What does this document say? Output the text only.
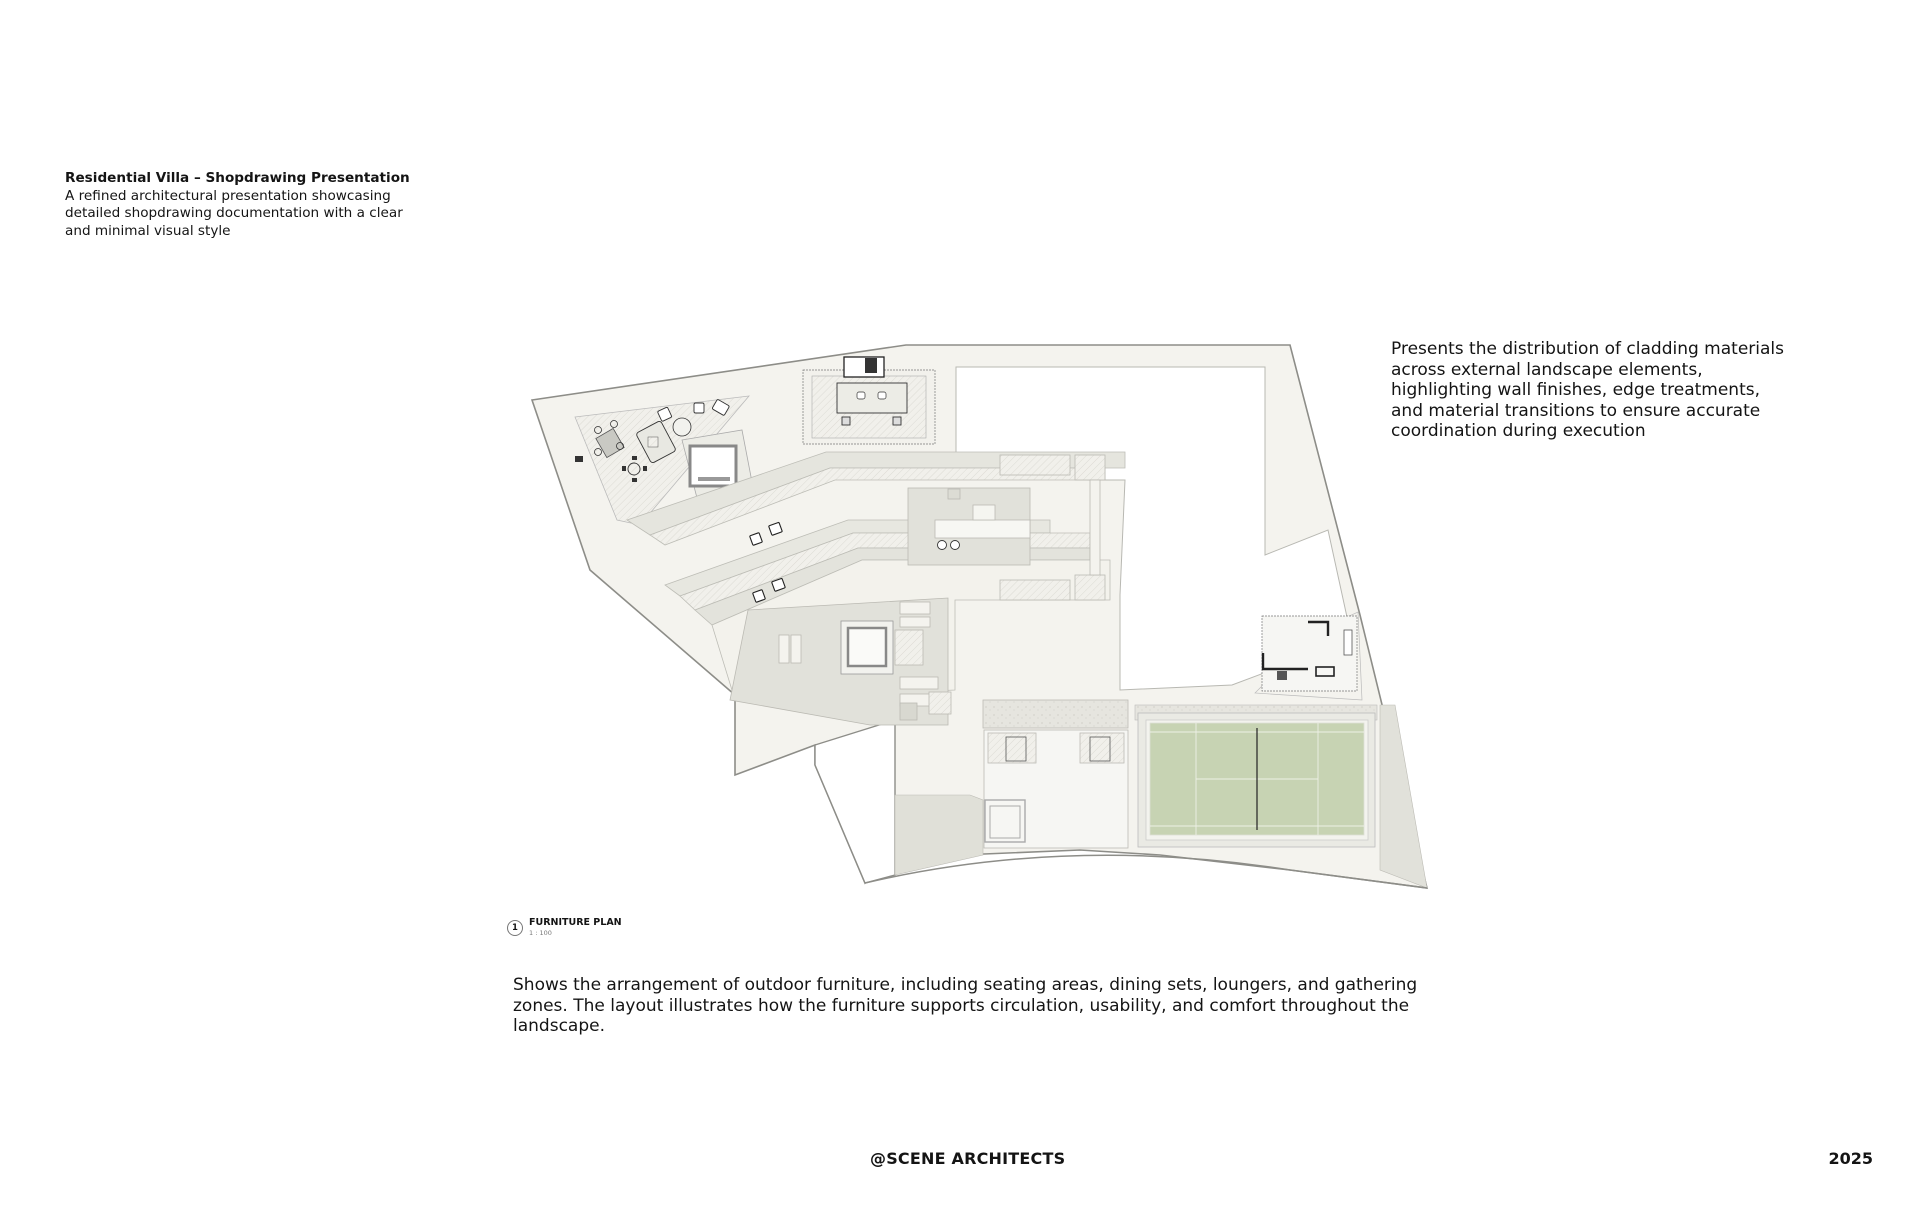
Residential Villa – Shopdrawing Presentation
A refined architectural presentation showcasing detailed shopdrawing documentation with a clear and minimal visual style
Presents the distribution of cladding materials across external landscape elements, highlighting wall finishes, edge treatments, and material transitions to ensure accurate coordination during execution
1	FURNITURE PLAN
1 : 100
Shows the arrangement of outdoor furniture, including seating areas, dining sets, loungers, and gathering zones. The layout illustrates how the furniture supports circulation, usability, and comfort throughout the landscape.
@SCENE ARCHITECTS	2025
